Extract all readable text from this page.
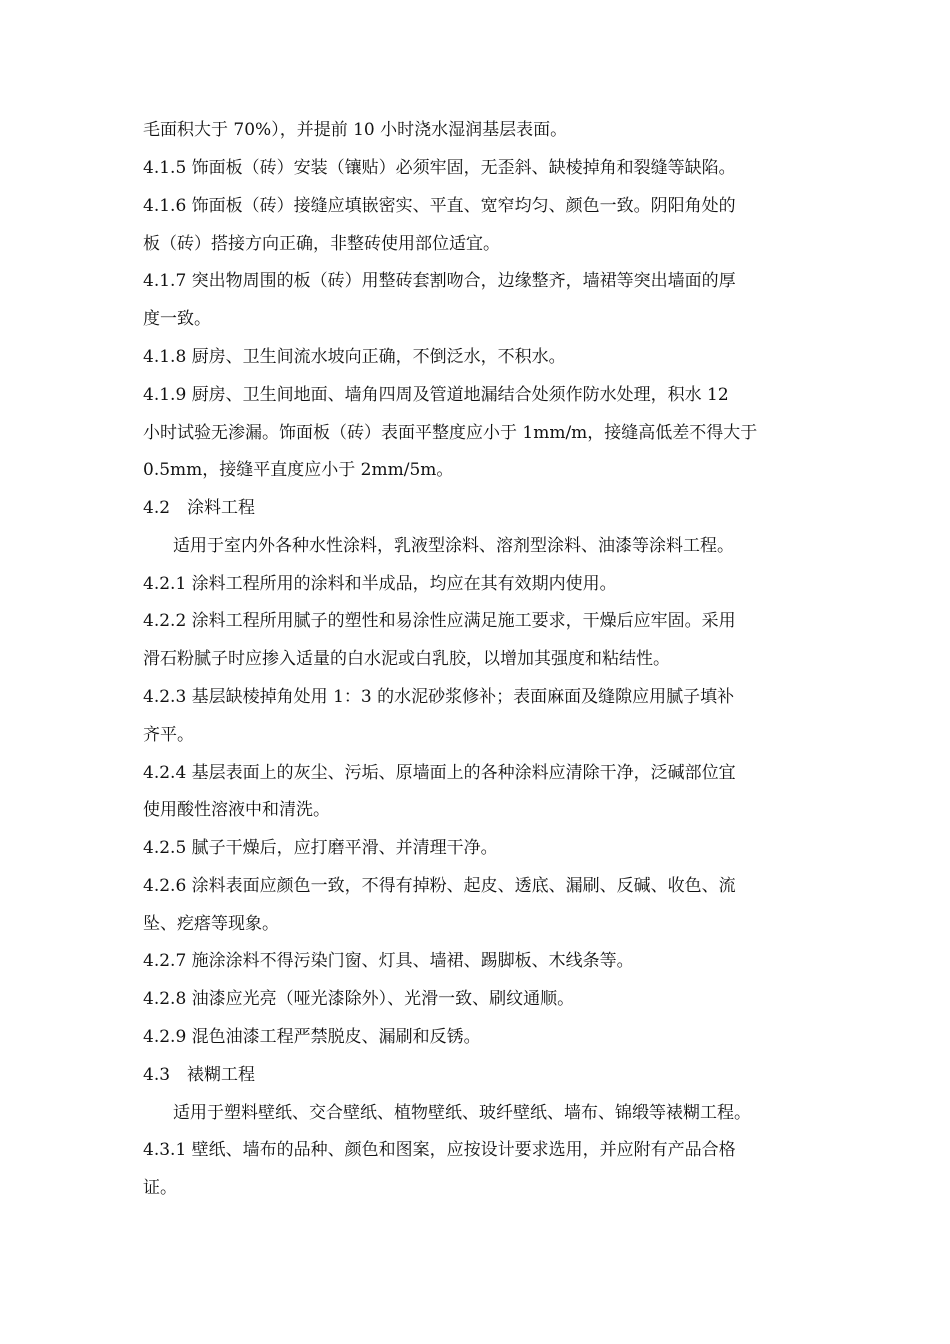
毛面积大于 70%），并提前 10 小时浇水湿润基层表面。
4.1.5 饰面板（砖）安装（镶贴）必须牢固，无歪斜、缺棱掉角和裂缝等缺陷。
4.1.6 饰面板（砖）接缝应填嵌密实、平直、宽窄均匀、颜色一致。阴阳角处的
板（砖）搭接方向正确，非整砖使用部位适宜。
4.1.7 突出物周围的板（砖）用整砖套割吻合，边缘整齐，墙裙等突出墙面的厚
度一致。
4.1.8 厨房、卫生间流水坡向正确，不倒泛水，不积水。
4.1.9 厨房、卫生间地面、墙角四周及管道地漏结合处须作防水处理，积水 12
小时试验无渗漏。饰面板（砖）表面平整度应小于 1mm/m，接缝高低差不得大于
0.5mm，接缝平直度应小于 2mm/5m。
4.2　涂料工程
适用于室内外各种水性涂料，乳液型涂料、溶剂型涂料、油漆等涂料工程。
4.2.1 涂料工程所用的涂料和半成品，均应在其有效期内使用。
4.2.2 涂料工程所用腻子的塑性和易涂性应满足施工要求，干燥后应牢固。采用
滑石粉腻子时应掺入适量的白水泥或白乳胶，以增加其强度和粘结性。
4.2.3 基层缺棱掉角处用 1：3 的水泥砂浆修补；表面麻面及缝隙应用腻子填补
齐平。
4.2.4 基层表面上的灰尘、污垢、原墙面上的各种涂料应清除干净，泛碱部位宜
使用酸性溶液中和清洗。
4.2.5 腻子干燥后，应打磨平滑、并清理干净。
4.2.6 涂料表面应颜色一致，不得有掉粉、起皮、透底、漏刷、反碱、收色、流
坠、疙瘩等现象。
4.2.7 施涂涂料不得污染门窗、灯具、墙裙、踢脚板、木线条等。
4.2.8 油漆应光亮（哑光漆除外）、光滑一致、刷纹通顺。
4.2.9 混色油漆工程严禁脱皮、漏刷和反锈。
4.3　裱糊工程
适用于塑料壁纸、交合壁纸、植物壁纸、玻纤壁纸、墙布、锦缎等裱糊工程。
4.3.1 壁纸、墙布的品种、颜色和图案，应按设计要求选用，并应附有产品合格
证。
